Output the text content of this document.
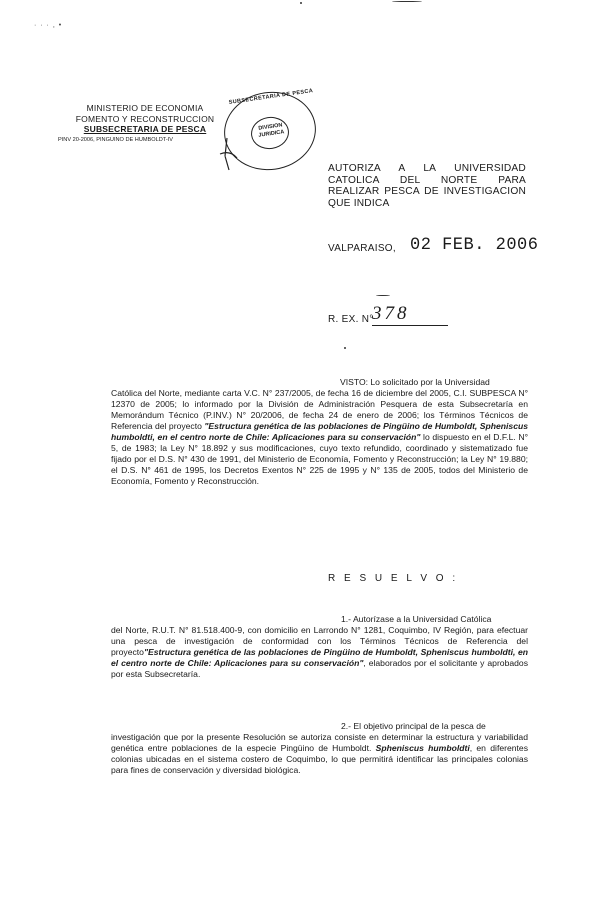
· · · , •
MINISTERIO DE ECONOMIA
FOMENTO Y RECONSTRUCCION
SUBSECRETARIA DE PESCA
PINV 20-2006, PINGUINO DE HUMBOLDT-IV
SUBSECRETARIA DE PESCA
DIVISION
JURIDICA
AUTORIZA A LA UNIVERSIDAD
CATOLICA DEL NORTE PARA
REALIZAR PESCA DE INVESTIGACION
QUE INDICA
VALPARAISO, 02 FEB. 2006
R. EX. N°
378
VISTO: Lo solicitado por la Universidad
Católica del Norte, mediante carta V.C. N° 237/2005, de fecha 16 de diciembre del 2005, C.I. SUBPESCA N° 12370 de 2005; lo informado por la División de Administración Pesquera de esta Subsecretaría en Memorándum Técnico (P.INV.) N° 20/2006, de fecha 24 de enero de 2006; los Términos Técnicos de Referencia del proyecto "Estructura genética de las poblaciones de Pingüino de Humboldt, Spheniscus humboldti, en el centro norte de Chile: Aplicaciones para su conservación" lo dispuesto en el D.F.L. N° 5, de 1983; la Ley N° 18.892 y sus modificaciones, cuyo texto refundido, coordinado y sistematizado fue fijado por el D.S. N° 430 de 1991, del Ministerio de Economía, Fomento y Reconstrucción; la Ley N° 19.880; el D.S. N° 461 de 1995, los Decretos Exentos N° 225 de 1995 y N° 135 de 2005, todos del Ministerio de Economía, Fomento y Reconstrucción.
R E S U E L V O :
1.- Autorízase a la Universidad Católica
del Norte, R.U.T. N° 81.518.400-9, con domicilio en Larrondo N° 1281, Coquimbo, IV Región, para efectuar una pesca de investigación de conformidad con los Términos Técnicos de Referencia del proyecto"Estructura genética de las poblaciones de Pingüino de Humboldt, Spheniscus humboldti, en el centro norte de Chile: Aplicaciones para su conservación", elaborados por el solicitante y aprobados por esta Subsecretaría.
2.- El objetivo principal de la pesca de
investigación que por la presente Resolución se autoriza consiste en determinar la estructura y variabilidad genética entre poblaciones de la especie Pingüino de Humboldt. Spheniscus humboldti, en diferentes colonias ubicadas en el sistema costero de Coquimbo, lo que permitirá identificar las principales colonias para fines de conservación y diversidad biológica.
